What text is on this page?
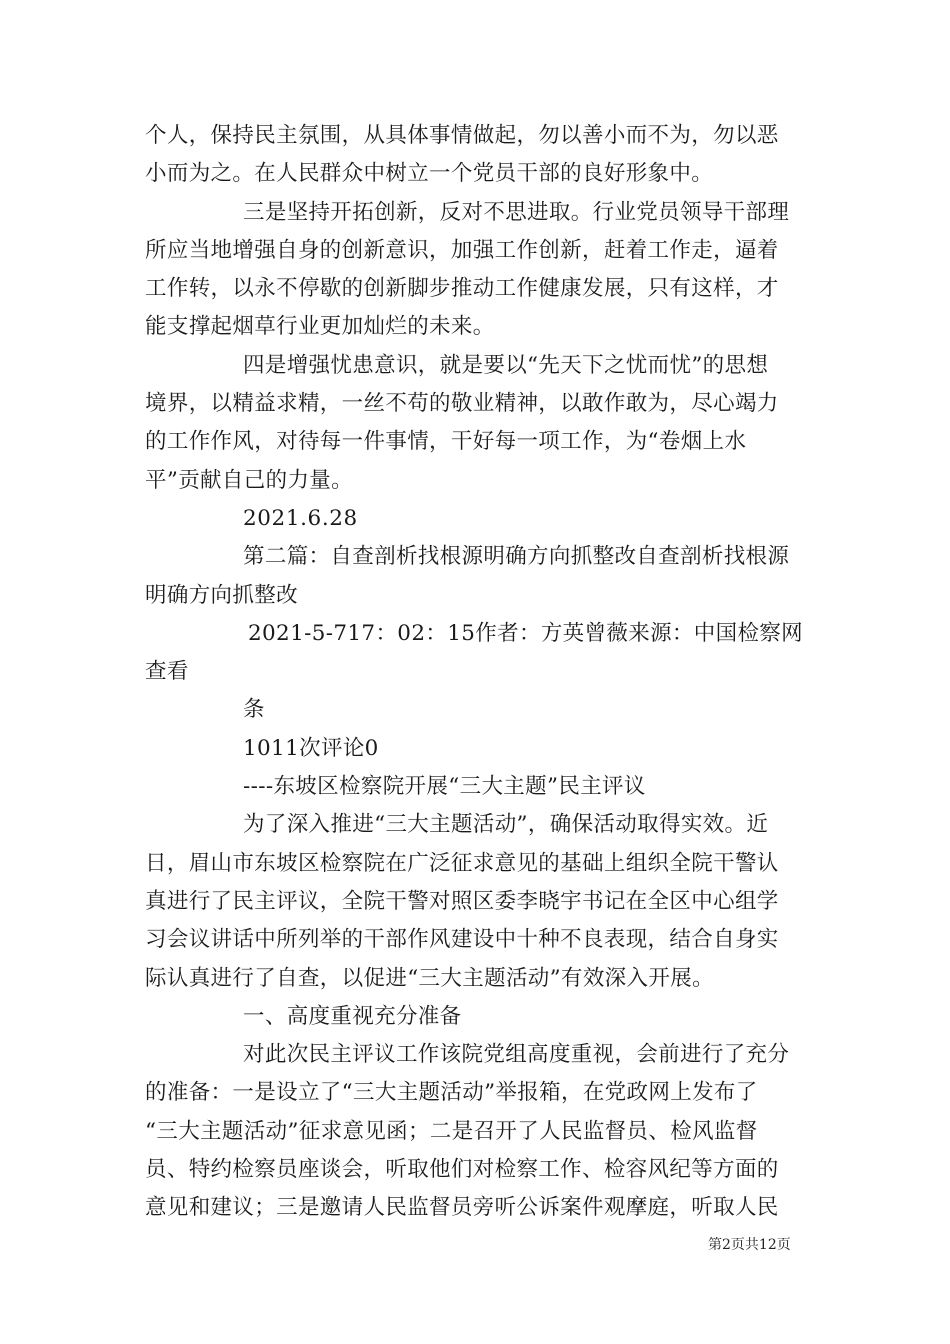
个人，保持民主氛围，从具体事情做起，勿以善小而不为，勿以恶
小而为之。在人民群众中树立一个党员干部的良好形象中。
三是坚持开拓创新，反对不思进取。行业党员领导干部理
所应当地增强自身的创新意识，加强工作创新，赶着工作走，逼着
工作转，以永不停歇的创新脚步推动工作健康发展，只有这样，才
能支撑起烟草行业更加灿烂的未来。
四是增强忧患意识，就是要以“先天下之忧而忧”的思想
境界，以精益求精，一丝不苟的敬业精神，以敢作敢为，尽心竭力
的工作作风，对待每一件事情，干好每一项工作，为“卷烟上水
平”贡献自己的力量。
2021.6.28
第二篇：自查剖析找根源明确方向抓整改自查剖析找根源
明确方向抓整改
2021-5-717：02：15作者：方英曾薇来源：中国检察网
查看
条
1011次评论0
----东坡区检察院开展“三大主题”民主评议
为了深入推进“三大主题活动”，确保活动取得实效。近
日，眉山市东坡区检察院在广泛征求意见的基础上组织全院干警认
真进行了民主评议，全院干警对照区委李晓宇书记在全区中心组学
习会议讲话中所列举的干部作风建设中十种不良表现，结合自身实
际认真进行了自查，以促进“三大主题活动”有效深入开展。
一、高度重视充分准备
对此次民主评议工作该院党组高度重视，会前进行了充分
的准备：一是设立了“三大主题活动”举报箱，在党政网上发布了
“三大主题活动”征求意见函；二是召开了人民监督员、检风监督
员、特约检察员座谈会，听取他们对检察工作、检容风纪等方面的
意见和建议；三是邀请人民监督员旁听公诉案件观摩庭，听取人民
第2页共12页
